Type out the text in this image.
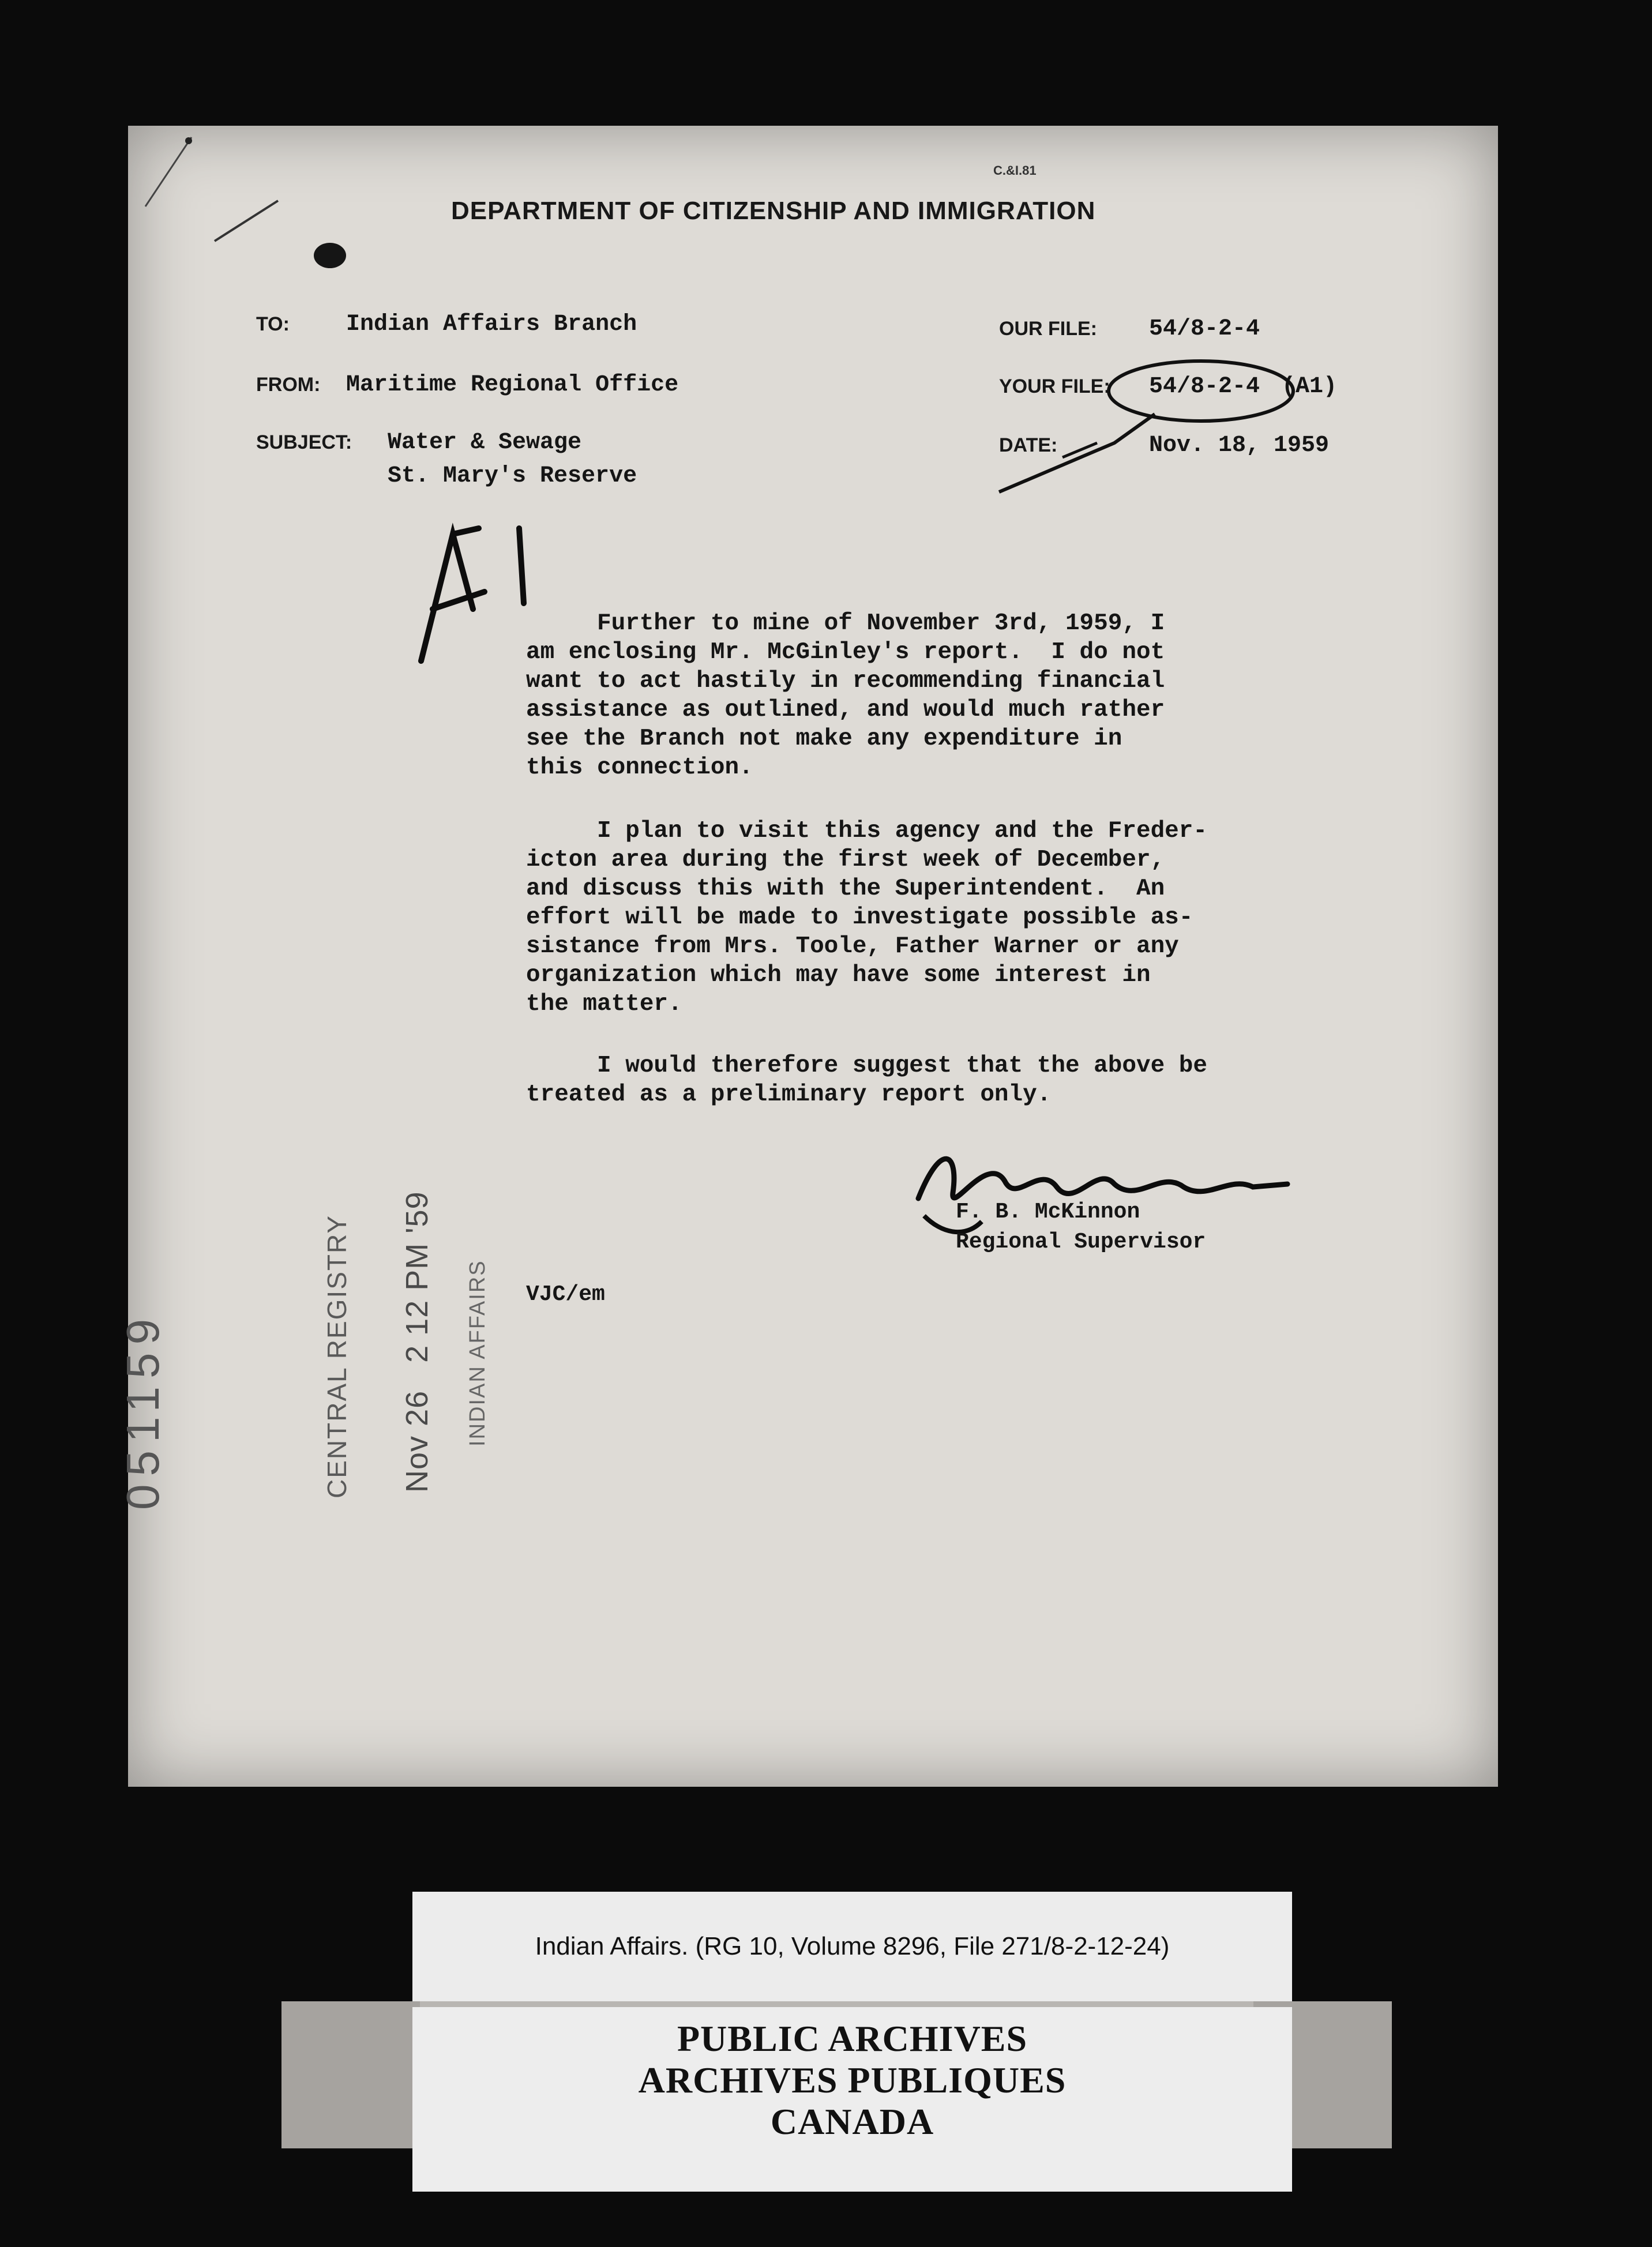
C.&I.81
DEPARTMENT OF CITIZENSHIP AND IMMIGRATION
TO: Indian Affairs Branch
FROM: Maritime Regional Office
SUBJECT: Water & Sewage
St. Mary's Reserve
OUR FILE: 54/8-2-4
YOUR FILE: 54/8-2-4 (A1)
DATE:	Nov. 18, 1959

Further to mine of November 3rd, 1959, I
am enclosing Mr. McGinley's report.  I do not
want to act hastily in recommending financial
assistance as outlined, and would much rather
see the Branch not make any expenditure in
this connection.
I plan to visit this agency and the Freder-
icton area during the first week of December,
and discuss this with the Superintendent.  An
effort will be made to investigate possible as-
sistance from Mrs. Toole, Father Warner or any
organization which may have some interest in
the matter.
I would therefore suggest that the above be
treated as a preliminary report only.
F. B. McKinnon
Regional Supervisor
VJC/em
051159	CENTRAL REGISTRY Nov 26   2 12 PM '59 INDIAN AFFAIRS
Indian Affairs. (RG 10, Volume 8296, File 271/8-2-12-24)
PUBLIC ARCHIVES
ARCHIVES PUBLIQUES
CANADA
